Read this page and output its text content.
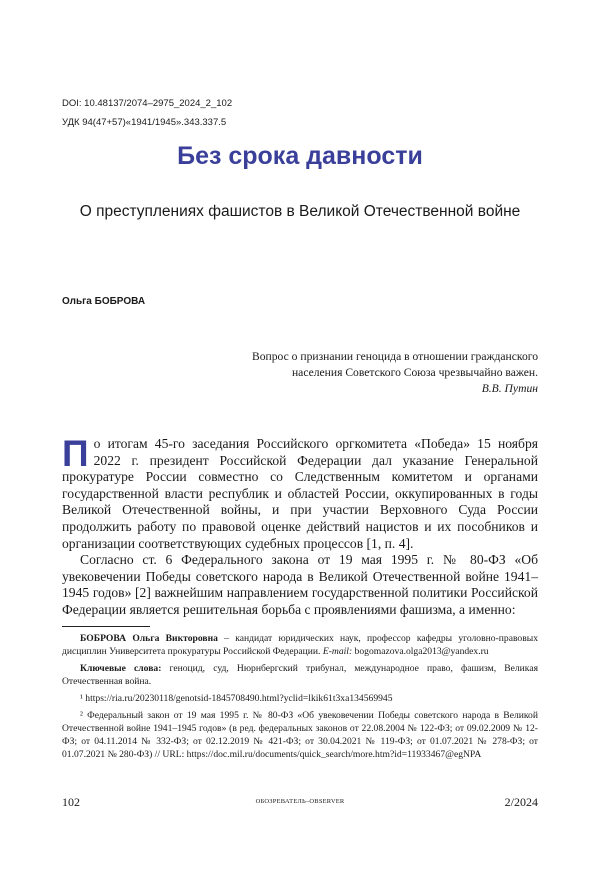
DOI: 10.48137/2074–2975_2024_2_102
УДК 94(47+57)«1941/1945».343.337.5
Без срока давности
О преступлениях фашистов в Великой Отечественной войне
Ольга БОБРОВА
Вопрос о признании геноцида в отношении гражданского населения Советского Союза чрезвычайно важен.
В.В. Путин

По итогам 45-го заседания Российского оргкомитета «Победа» 15 ноября 2022 г. президент Российской Федерации дал указание Генеральной прокуратуре России совместно со Следственным комитетом и органами государственной власти республик и областей России, оккупированных в годы Великой Отечественной войны, и при участии Верховного Суда России продолжить работу по правовой оценке действий нацистов и их пособников и организации соответствующих судебных процессов [1, п. 4].

Согласно ст. 6 Федерального закона от 19 мая 1995 г. № 80-ФЗ «Об увековечении Победы советского народа в Великой Отечественной войне 1941–1945 годов» [2] важнейшим направлением государственной политики Российской Федерации является решительная борьба с проявлениями фашизма, а именно:

БОБРОВА Ольга Викторовна – кандидат юридических наук, профессор кафедры уголовно-правовых дисциплин Университета прокуратуры Российской Федерации. E-mail: bogomazova.olga2013@yandex.ru

Ключевые слова: геноцид, суд, Нюрнбергский трибунал, международное право, фашизм, Великая Отечественная война.

¹ https://ria.ru/20230118/genotsid-1845708490.html?yclid=lkik61t3xa134569945

² Федеральный закон от 19 мая 1995 г. № 80-ФЗ «Об увековечении Победы советского народа в Великой Отечественной войне 1941–1945 годов» (в ред. федеральных законов от 22.08.2004 № 122-ФЗ; от 09.02.2009 № 12-ФЗ; от 04.11.2014 № 332-ФЗ; от 02.12.2019 № 421-ФЗ; от 30.04.2021 № 119-ФЗ; от 01.07.2021 № 278-ФЗ; от 01.07.2021 № 280-ФЗ) // URL: https://doc.mil.ru/documents/quick_search/more.htm?id=11933467@egNPA

102	ОБОЗРЕВАТЕЛЬ–OBSERVER	2/2024
